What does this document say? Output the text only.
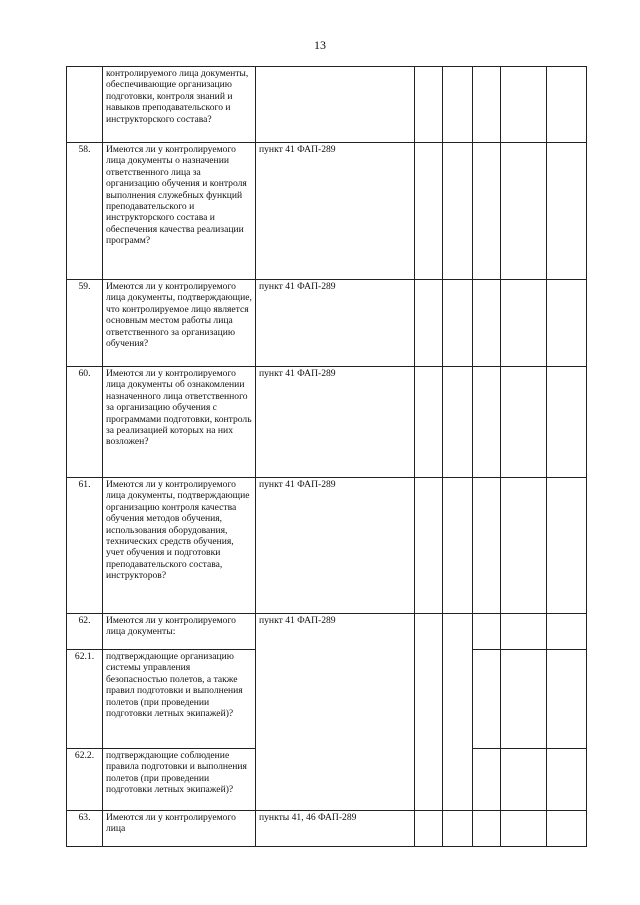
13
	контролируемого лица документы, обеспечивающие организацию подготовки, контроля знаний и навыков преподавательского и инструкторского состава?						
58.	Имеются ли у контролируемого лица документы о назначении ответственного лица за организацию обучения и контроля выполнения служебных функций преподавательского и инструкторского состава и обеспечения качества реализации программ?	пункт 41 ФАП-289					
59.	Имеются ли у контролируемого лица документы, подтверждающие, что контролируемое лицо является основным местом работы лица ответственного за организацию обучения?	пункт 41 ФАП-289					
60.	Имеются ли у контролируемого лица документы об ознакомлении назначенного лица ответственного за организацию обучения с программами подготовки, контроль за реализацией которых на них возложен?	пункт 41 ФАП-289					
61.	Имеются ли у контролируемого лица документы, подтверждающие организацию контроля качества обучения методов обучения, использования оборудования, технических средств обучения, учет обучения и подготовки преподавательского состава, инструкторов?	пункт 41 ФАП-289					
62.	Имеются ли у контролируемого лица документы:	пункт 41 ФАП-289					
62.1.	подтверждающие организацию системы управления безопасностью полетов, а также правил подготовки и выполнения полетов (при проведении подготовки летных экипажей)?						
62.2.	подтверждающие соблюдение правила подготовки и выполнения полетов (при проведении подготовки летных экипажей)?						
63.	Имеются ли у контролируемого лица	пункты 41, 46 ФАП-289					
